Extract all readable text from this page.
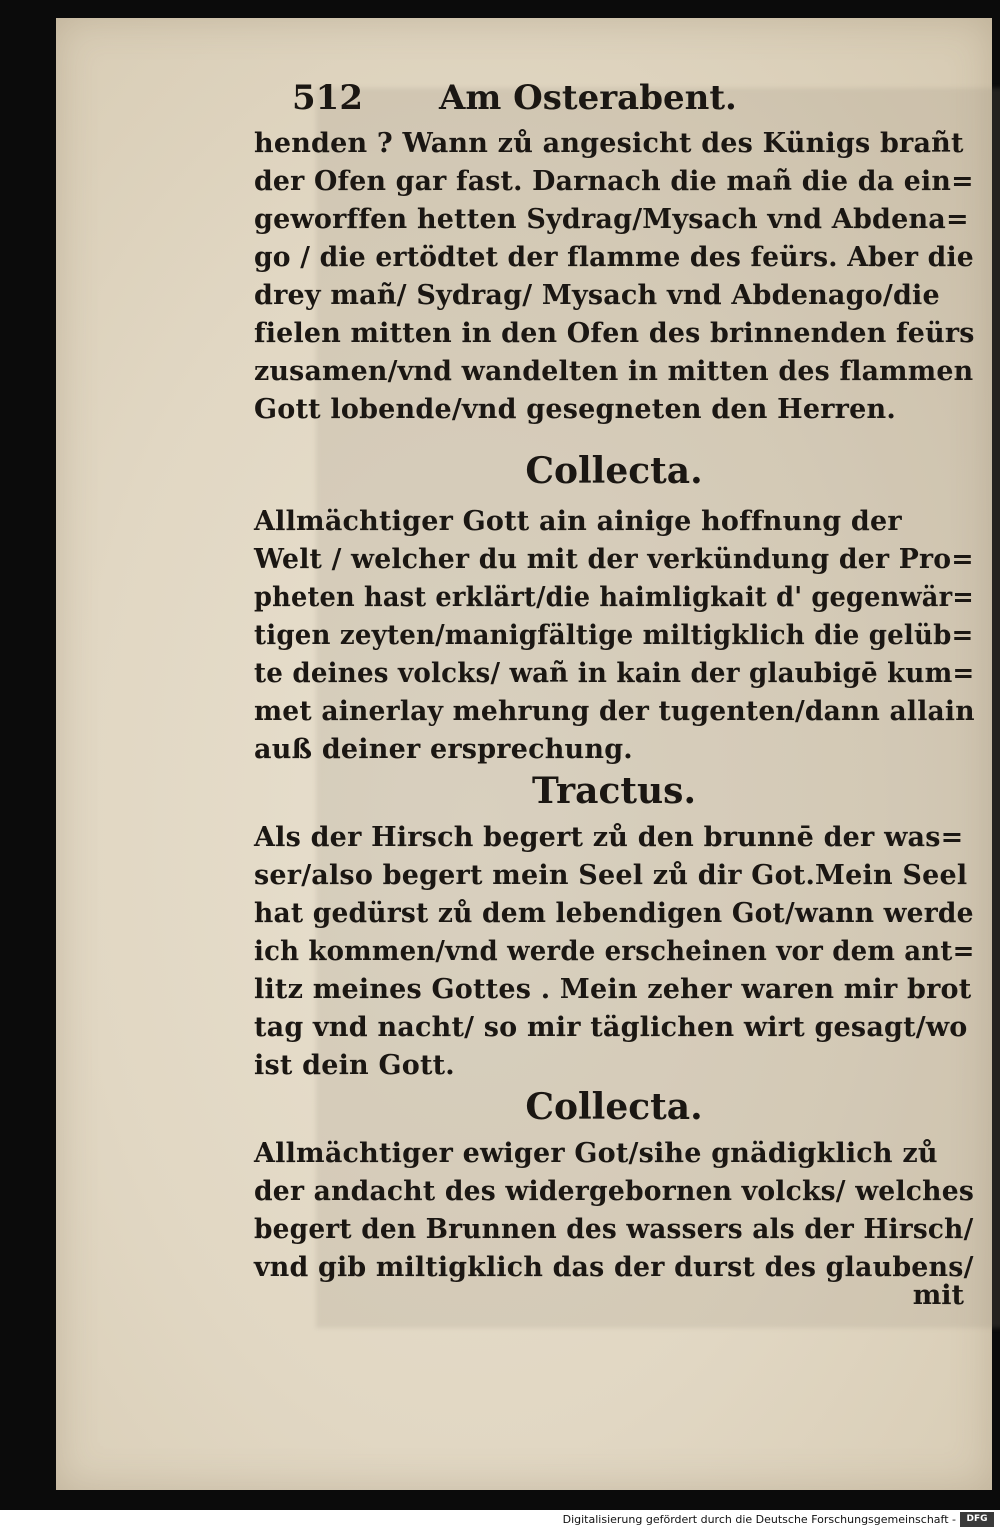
512 Am Osterabent.
henden ? Wann zů angesicht des Künigs brañt
der Ofen gar fast. Darnach die mañ die da ein=
geworffen hetten Sydrag/Mysach vnd Abdena=
go / die ertödtet der flamme des feürs. Aber die
drey mañ/ Sydrag/ Mysach vnd Abdenago/die
fielen mitten in den Ofen des brinnenden feürs
zusamen/vnd wandelten in mitten des flammen
Gott lobende/vnd gesegneten den Herren.
Collecta.
Allmächtiger Gott ain ainige hoffnung der
Welt / welcher du mit der verkündung der Pro=
pheten hast erklärt/die haimligkait d' gegenwär=
tigen zeyten/manigfältige miltigklich die gelüb=
te deines volcks/ wañ in kain der glaubigē kum=
met ainerlay mehrung der tugenten/dann allain
auß deiner ersprechung.
Tractus.
Als der Hirsch begert zů den brunnē der was=
ser/also begert mein Seel zů dir Got.Mein Seel
hat gedürst zů dem lebendigen Got/wann werde
ich kommen/vnd werde erscheinen vor dem ant=
litz meines Gottes . Mein zeher waren mir brot
tag vnd nacht/ so mir täglichen wirt gesagt/wo
ist dein Gott.
Collecta.
Allmächtiger ewiger Got/sihe gnädigklich zů
der andacht des widergebornen volcks/ welches
begert den Brunnen des wassers als der Hirsch/
vnd gib miltigklich das der durst des glaubens/
mit
Digitalisierung gefördert durch die Deutsche Forschungsgemeinschaft -	DFG
